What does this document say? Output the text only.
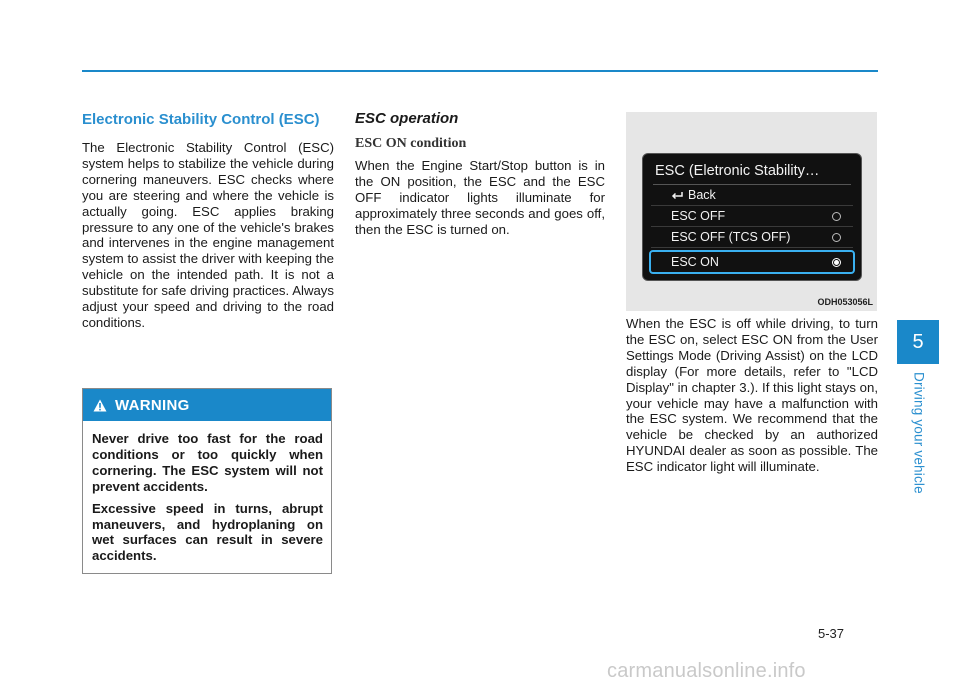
Electronic Stability Control (ESC)

The Electronic Stability Control (ESC) system helps to stabilize the vehicle during cornering maneuvers. ESC checks where you are steering and where the vehicle is actually going. ESC applies braking pressure to any one of the vehicle's brakes and intervenes in the engine management system to assist the driver with keeping the vehicle on the intended path. It is not a substitute for safe driving practices. Always adjust your speed and driving to the road conditions.

WARNING

Never drive too fast for the road conditions or too quickly when cornering. The ESC system will not prevent accidents.

Excessive speed in turns, abrupt maneuvers, and hydroplaning on wet surfaces can result in severe accidents.

ESC operation
ESC ON condition

When the Engine Start/Stop button is in the ON position, the ESC and the ESC OFF indicator lights illuminate for approximately three seconds and goes off, then the ESC is turned on.

ESC (Eletronic Stability…
Back
ESC OFF
ESC OFF (TCS OFF)
ESC ON
ODH053056L

When the ESC is off while driving, to turn the ESC on, select ESC ON from the User Settings Mode (Driving Assist) on the LCD display (For more details, refer to "LCD Display" in chapter 3.). If this light stays on, your vehicle may have a malfunction with the ESC system. We recommend that the vehicle be checked by an authorized HYUNDAI dealer as soon as possible. The ESC indicator light will illuminate.

5
Driving your vehicle
5-37
carmanualsonline.info
